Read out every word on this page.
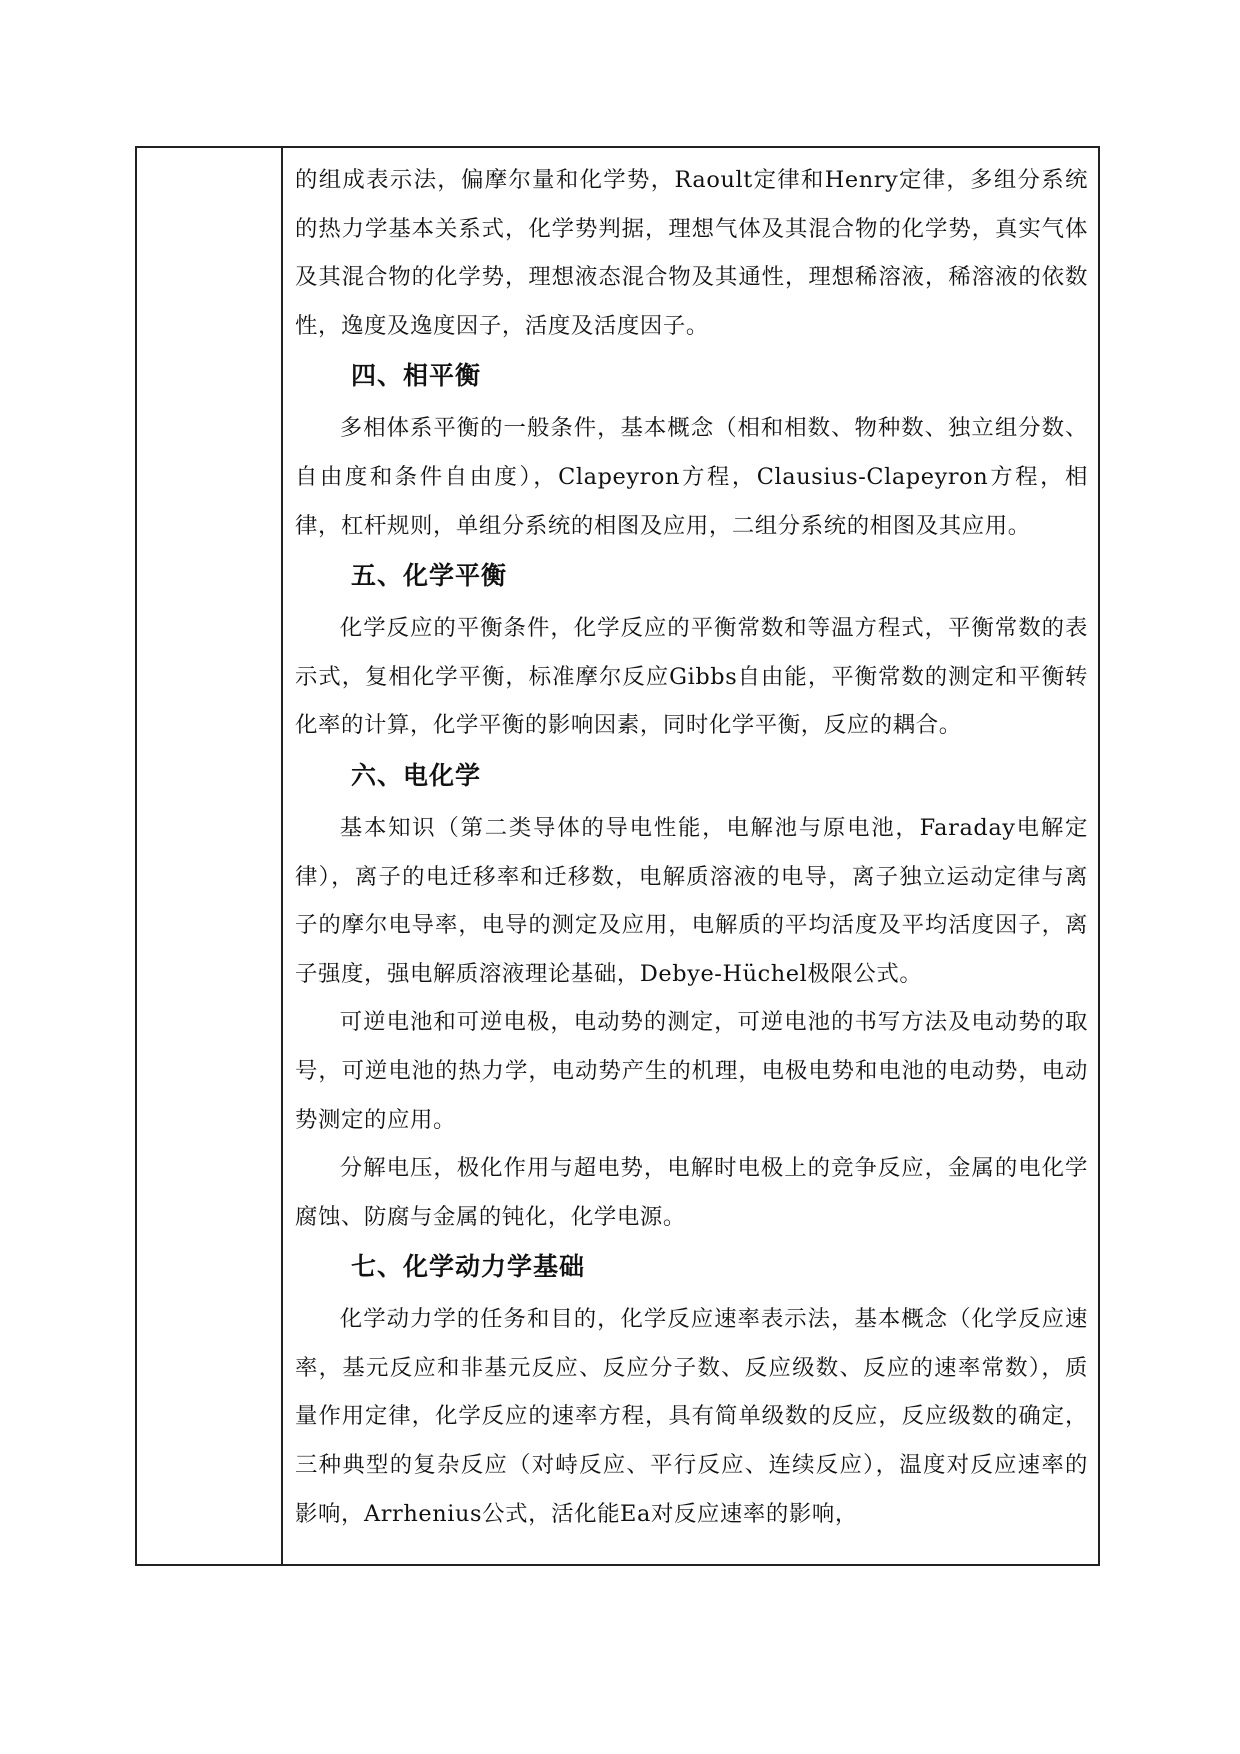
的组成表示法，偏摩尔量和化学势，Raoult定律和Henry定律，多组分系统的热力学基本关系式，化学势判据，理想气体及其混合物的化学势，真实气体及其混合物的化学势，理想液态混合物及其通性，理想稀溶液，稀溶液的依数性，逸度及逸度因子，活度及活度因子。

四、相平衡

多相体系平衡的一般条件，基本概念（相和相数、物种数、独立组分数、自由度和条件自由度），Clapeyron方程，Clausius-Clapeyron方程，相律，杠杆规则，单组分系统的相图及应用，二组分系统的相图及其应用。

五、化学平衡

化学反应的平衡条件，化学反应的平衡常数和等温方程式，平衡常数的表示式，复相化学平衡，标准摩尔反应Gibbs自由能，平衡常数的测定和平衡转化率的计算，化学平衡的影响因素，同时化学平衡，反应的耦合。

六、电化学

基本知识（第二类导体的导电性能，电解池与原电池，Faraday电解定律），离子的电迁移率和迁移数，电解质溶液的电导，离子独立运动定律与离子的摩尔电导率，电导的测定及应用，电解质的平均活度及平均活度因子，离子强度，强电解质溶液理论基础，Debye-Hüchel极限公式。

可逆电池和可逆电极，电动势的测定，可逆电池的书写方法及电动势的取号，可逆电池的热力学，电动势产生的机理，电极电势和电池的电动势，电动势测定的应用。

分解电压，极化作用与超电势，电解时电极上的竞争反应，金属的电化学腐蚀、防腐与金属的钝化，化学电源。

七、化学动力学基础

化学动力学的任务和目的，化学反应速率表示法，基本概念（化学反应速率，基元反应和非基元反应、反应分子数、反应级数、反应的速率常数），质量作用定律，化学反应的速率方程，具有简单级数的反应，反应级数的确定，三种典型的复杂反应（对峙反应、平行反应、连续反应），温度对反应速率的影响，Arrhenius公式，活化能Ea对反应速率的影响，
